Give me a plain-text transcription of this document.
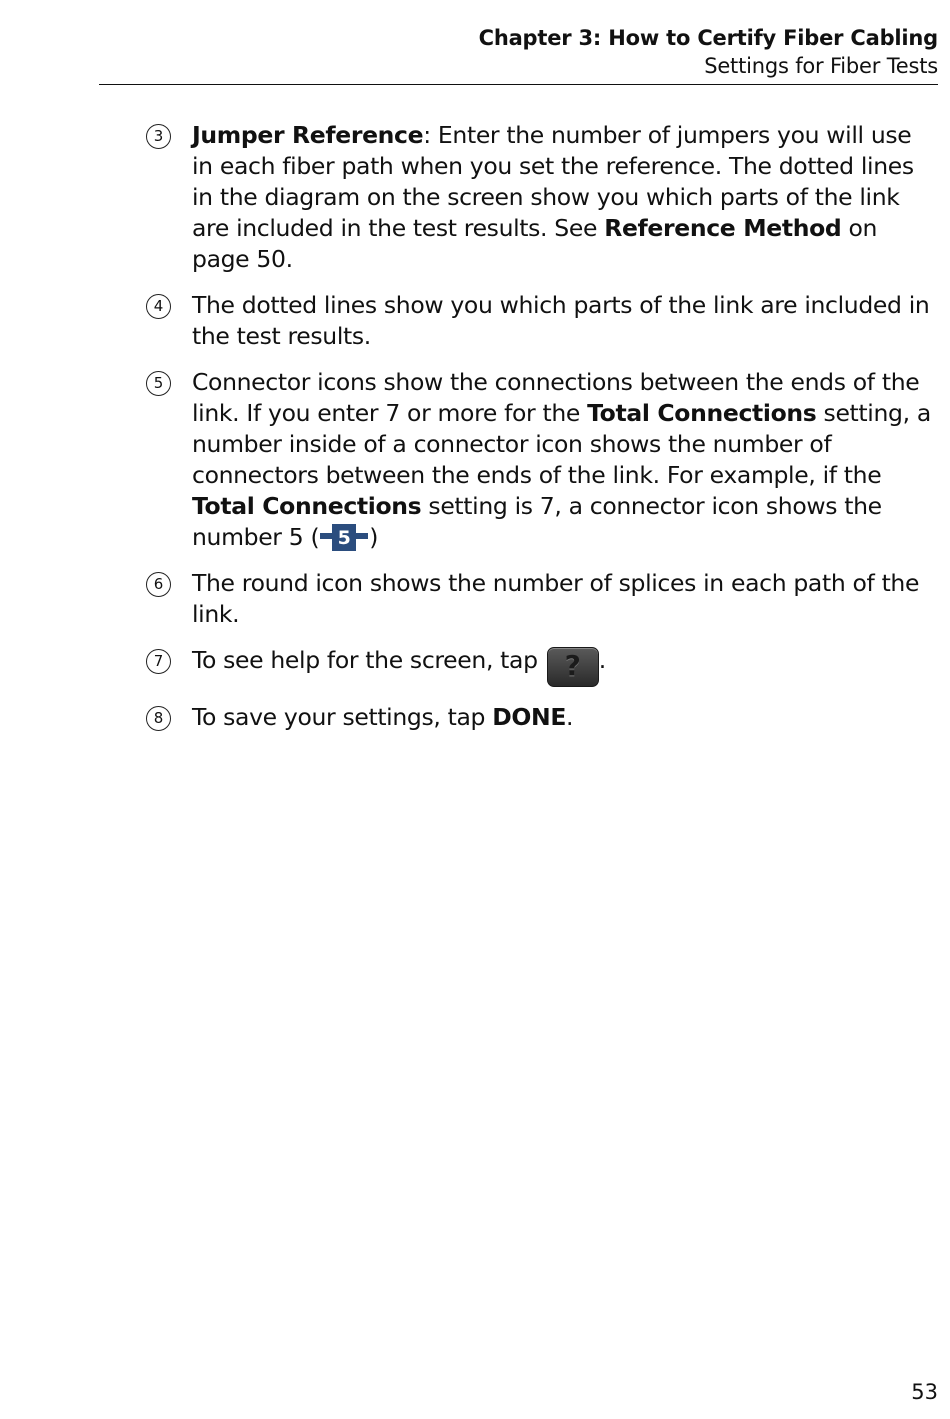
Chapter 3: How to Certify Fiber Cabling
Settings for Fiber Tests
3	Jumper Reference: Enter the number of jumpers you will use in each fiber path when you set the reference. The dotted lines in the diagram on the screen show you which parts of the link are included in the test results. See Reference Method on page 50.
4	The dotted lines show you which parts of the link are included in the test results.
5	Connector icons show the connections between the ends of the link. If you enter 7 or more for the Total Connections setting, a number inside of a connector icon shows the number of connectors between the ends of the link. For example, if the Total Connections setting is 7, a connector icon shows the number 5 ( 5 )
6	The round icon shows the number of splices in each path of the link.
7	To see help for the screen, tap ? .
8	To save your settings, tap DONE.
53
